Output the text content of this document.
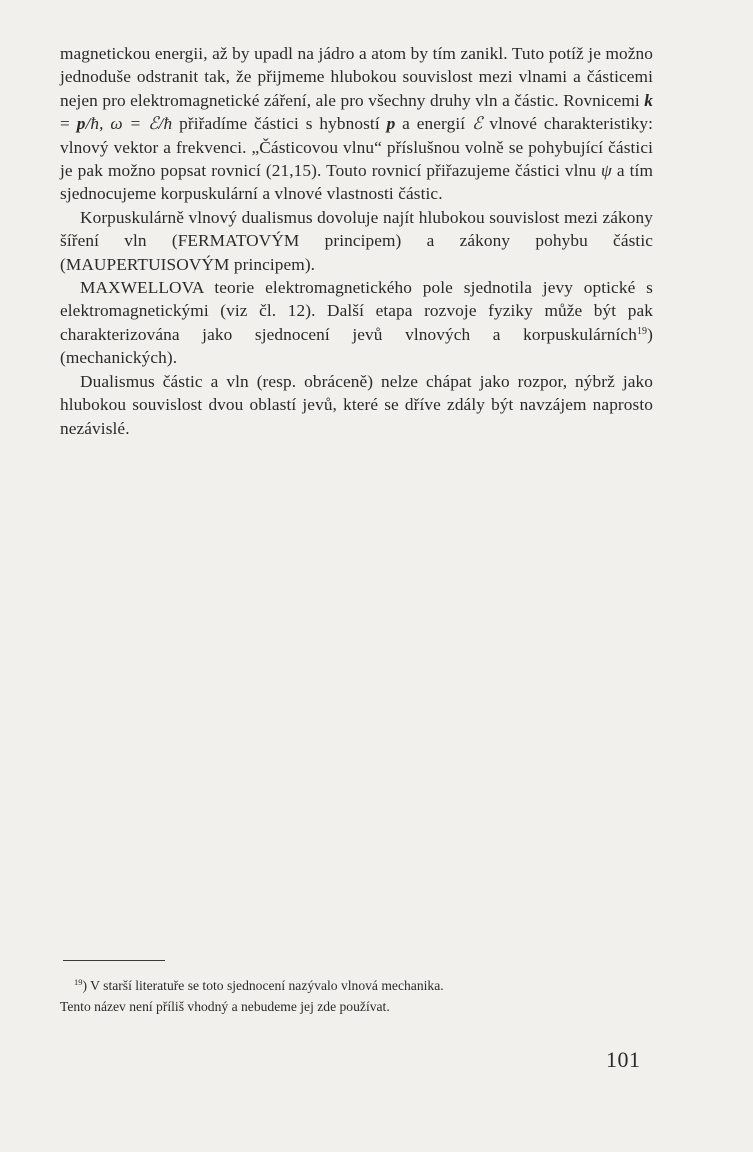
magnetickou energii, až by upadl na jádro a atom by tím zanikl. Tuto potíž je možno jednoduše odstranit tak, že přijmeme hlubokou souvislost mezi vlnami a částicemi nejen pro elektromagnetické záření, ale pro všechny druhy vln a částic. Rovnicemi k = p/ħ, ω = ℰ/ħ přiřadíme částici s hybností p a energií ℰ vlnové charakteristiky: vlnový vektor a frekvenci. „Částicovou vlnu“ příslušnou volně se pohybující částici je pak možno popsat rovnicí (21,15). Touto rovnicí přiřazujeme částici vlnu ψ a tím sjednocujeme korpuskulární a vlnové vlastnosti částic.

Korpuskulárně vlnový dualismus dovoluje najít hlubokou souvislost mezi zákony šíření vln (FERMATOVÝM principem) a zákony pohybu částic (MAUPERTUISOVÝM principem).

MAXWELLOVA teorie elektromagnetického pole sjednotila jevy optické s elektromagnetickými (viz čl. 12). Další etapa rozvoje fyziky může být pak charakterizována jako sjednocení jevů vlnových a korpuskulárních$^{19}$) (mechanických).

Dualismus částic a vln (resp. obráceně) nelze chápat jako rozpor, nýbrž jako hlubokou souvislost dvou oblastí jevů, které se dříve zdály být navzájem naprosto nezávislé.

$^{19}$) V starší literatuře se toto sjednocení nazývalo vlnová mechanika.

Tento název není příliš vhodný a nebudeme jej zde používat.

101
